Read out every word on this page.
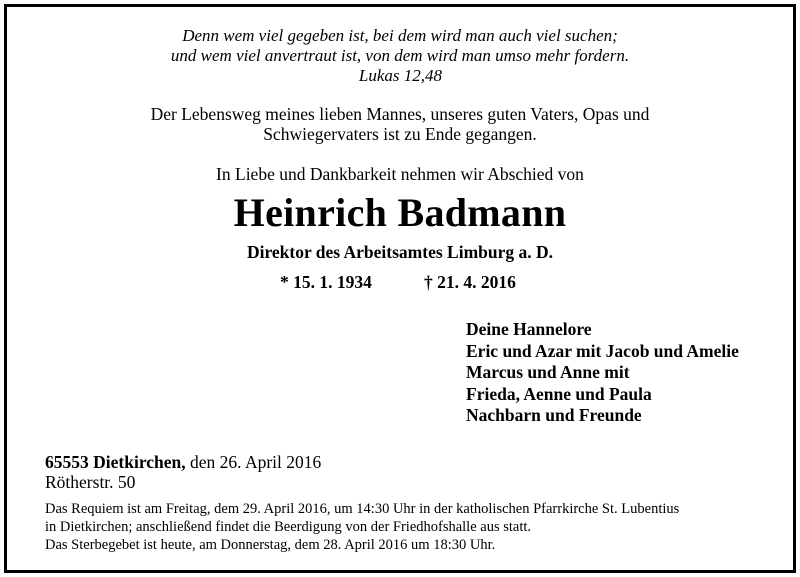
Denn wem viel gegeben ist, bei dem wird man auch viel suchen;
und wem viel anvertraut ist, von dem wird man umso mehr fordern.
Lukas 12,48
Der Lebensweg meines lieben Mannes, unseres guten Vaters, Opas und
Schwiegervaters ist zu Ende gegangen.
In Liebe und Dankbarkeit nehmen wir Abschied von
Heinrich Badmann
Direktor des Arbeitsamtes Limburg a. D.
* 15. 1. 1934	† 21. 4. 2016
Deine Hannelore
Eric und Azar mit Jacob und Amelie
Marcus und Anne mit
Frieda, Aenne und Paula
Nachbarn und Freunde
65553 Dietkirchen, den 26. April 2016
Rötherstr. 50
Das Requiem ist am Freitag, dem 29. April 2016, um 14:30 Uhr in der katholischen Pfarrkirche St. Lubentius
in Dietkirchen; anschließend findet die Beerdigung von der Friedhofshalle aus statt.
Das Sterbegebet ist heute, am Donnerstag, dem 28. April 2016 um 18:30 Uhr.
